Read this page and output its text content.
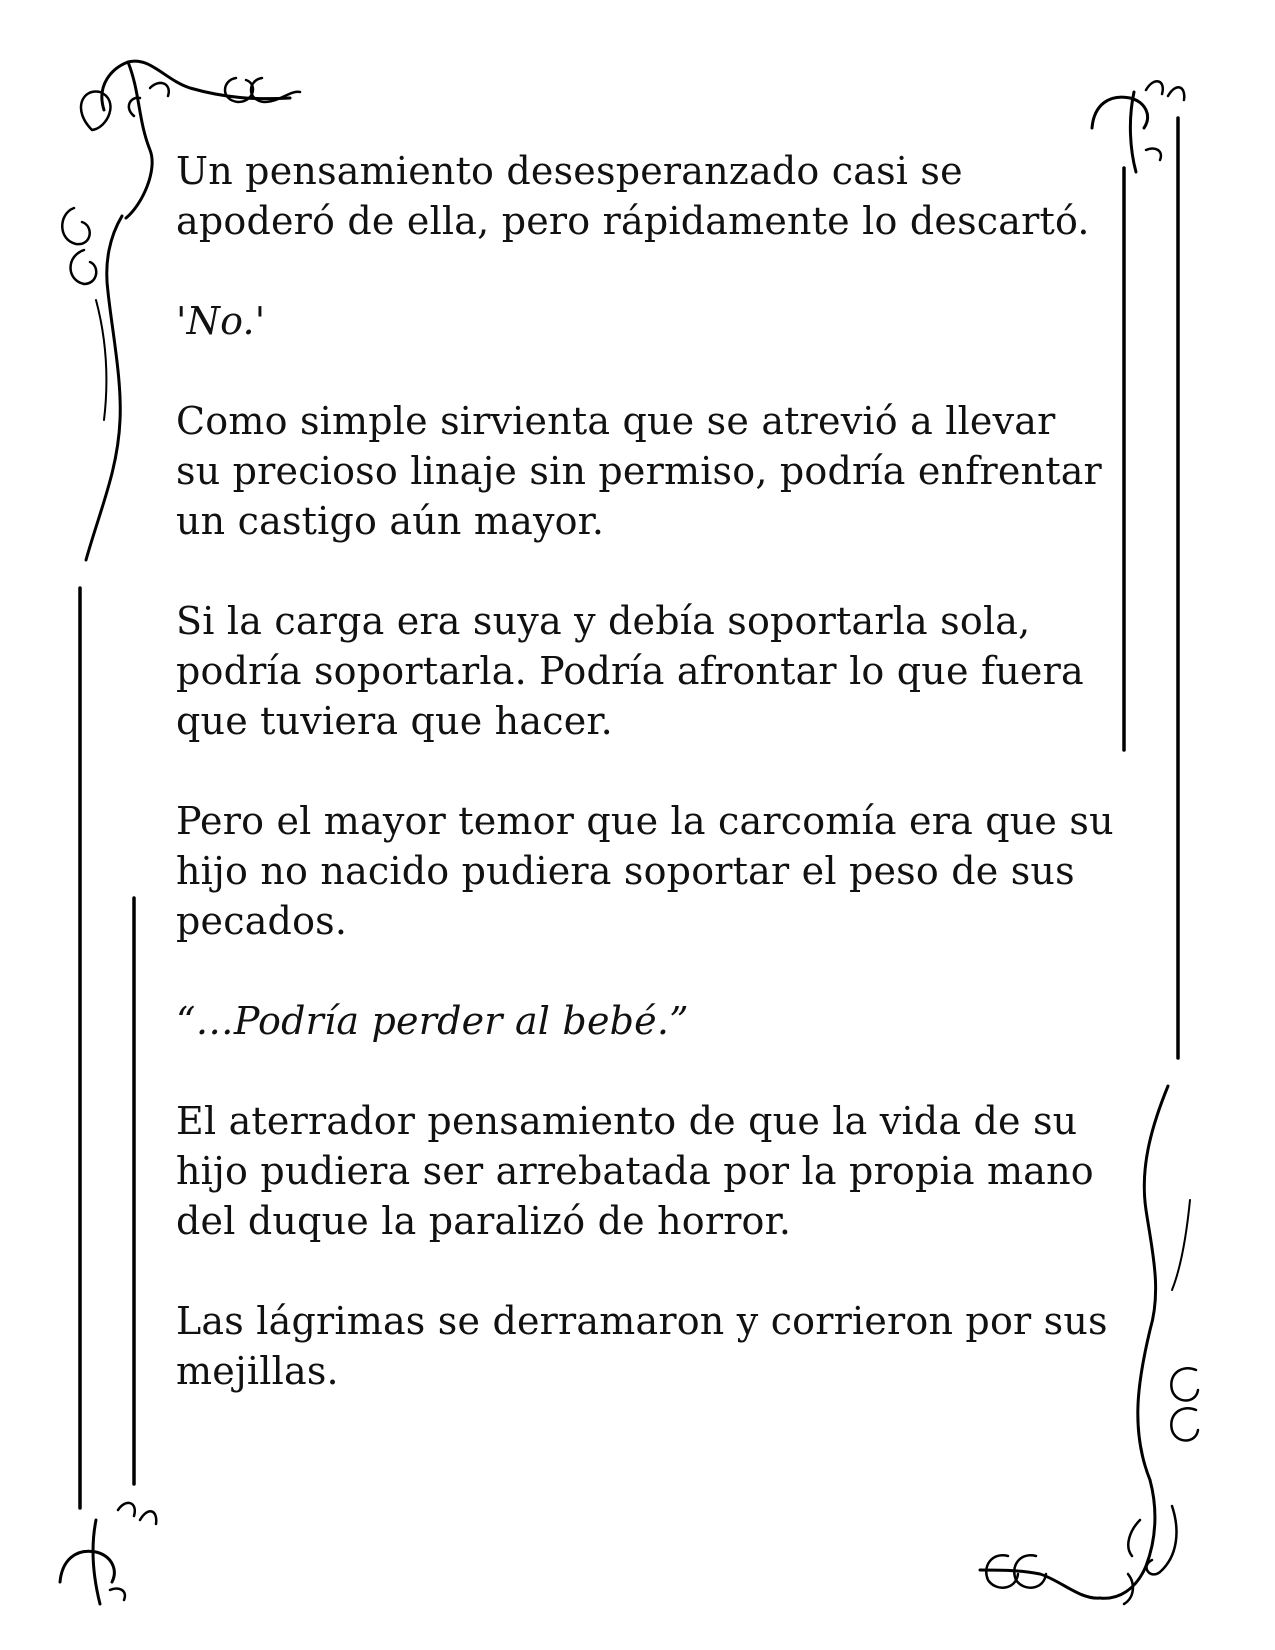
Un pensamiento desesperanzado casi se
apoderó de ella, pero rápidamente lo descartó.

'No.'

Como simple sirvienta que se atrevió a llevar
su precioso linaje sin permiso, podría enfrentar
un castigo aún mayor.

Si la carga era suya y debía soportarla sola,
podría soportarla. Podría afrontar lo que fuera
que tuviera que hacer.

Pero el mayor temor que la carcomía era que su
hijo no nacido pudiera soportar el peso de sus
pecados.

“…Podría perder al bebé.”

El aterrador pensamiento de que la vida de su
hijo pudiera ser arrebatada por la propia mano
del duque la paralizó de horror.

Las lágrimas se derramaron y corrieron por sus
mejillas.
